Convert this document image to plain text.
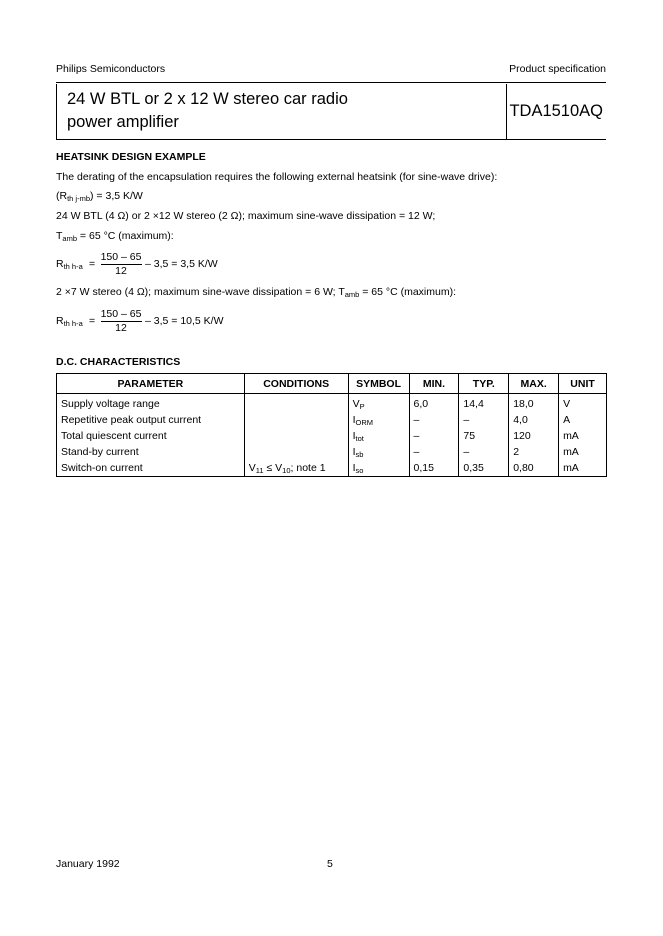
Philips Semiconductors	Product specification
24 W BTL or 2 x 12 W stereo car radio
power amplifier
TDA1510AQ
HEATSINK DESIGN EXAMPLE
The derating of the encapsulation requires the following external heatsink (for sine-wave drive):
$(R_{th j-mb}) = 3,5$ K/W
24 W BTL (4 Ω) or 2 ×12 W stereo (2 Ω); maximum sine-wave dissipation = 12 W;
$T_{amb} = 65$ °C (maximum):
$R_{th h-a}$ =
150 – 65
12
– 3,5 = 3,5 K/W
2 ×7 W stereo (4 Ω); maximum sine-wave dissipation = 6 W; $T_{amb} = 65$ °C (maximum):
$R_{th h-a}$ =
150 – 65
12
– 3,5 = 10,5 K/W
D.C. CHARACTERISTICS
PARAMETER	CONDITIONS	SYMBOL	MIN.	TYP.	MAX.	UNIT
Supply voltage range		$V_P$	6,0	14,4	18,0	V
Repetitive peak output current		$I_{ORM}$	–	–	4,0	A
Total quiescent current		$I_{tot}$	–	75	120	mA
Stand-by current		$I_{sb}$	–	–	2	mA
Switch-on current	$V_{11} \le V_{10}$; note 1	$I_{so}$	0,15	0,35	0,80	mA
January 1992	5
